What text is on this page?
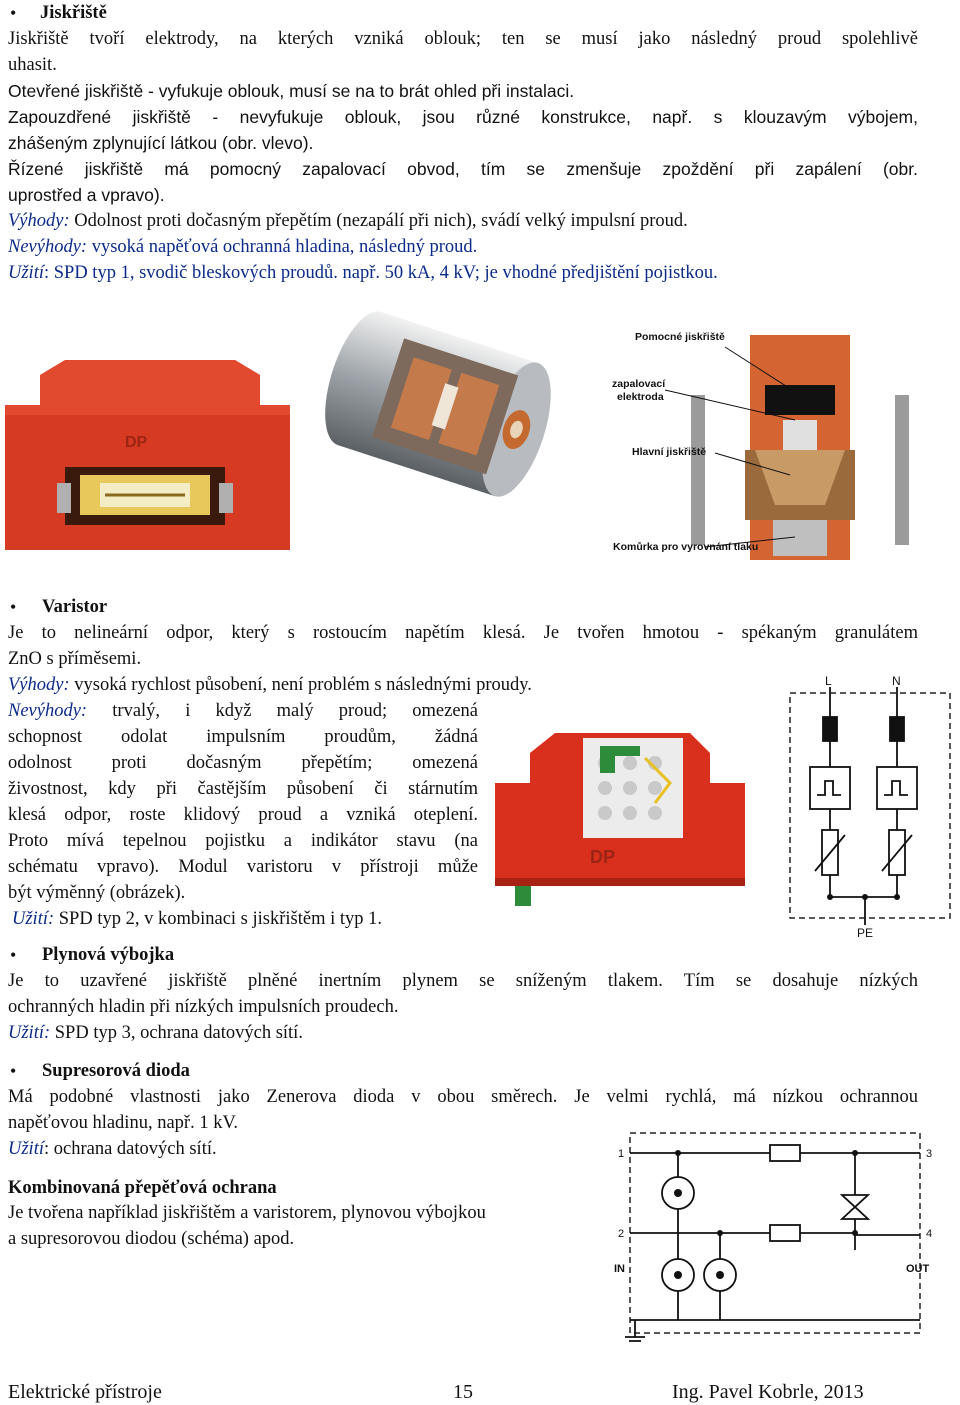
• Jiskřiště
Jiskřiště tvoří elektrody, na kterých vzniká oblouk; ten se musí jako následný proud spolehlivě
uhasit.
Otevřené jiskřiště - vyfukuje oblouk, musí se na to brát ohled při instalaci.
Zapouzdřené jiskřiště - nevyfukuje oblouk, jsou různé konstrukce, např. s klouzavým výbojem,
zhášeným zplynující látkou (obr. vlevo).
Řízené jiskřiště má pomocný zapalovací obvod, tím se zmenšuje zpoždění při zapálení (obr.
uprostřed a vpravo).
Výhody: Odolnost proti dočasným přepětím (nezapálí při nich), svádí velký impulsní proud.
Nevýhody: vysoká napěťová ochranná hladina, následný proud.
Užití: SPD typ 1, svodič bleskových proudů. např. 50 kA, 4 kV; je vhodné předjištění pojistkou.
DP
Pomocné jiskřiště
zapalovací
elektroda
Hlavní jiskřiště
Komůrka pro vyrovnání tlaku
• Varistor
Je to nelineární odpor, který s rostoucím napětím klesá. Je tvořen hmotou - spékaným granulátem
ZnO s příměsemi.
Výhody: vysoká rychlost působení, není problém s následnými proudy.
Nevýhody: trvalý, i když malý proud; omezená
schopnost odolat impulsním proudům, žádná
odolnost proti dočasným přepětím; omezená
živostnost, kdy při častějším působení či stárnutím
klesá odpor, roste klidový proud a vzniká oteplení.
Proto mívá tepelnou pojistku a indikátor stavu (na
schématu vpravo). Modul varistoru v přístroji může
být výměnný (obrázek).
Užití: SPD typ 2, v kombinaci s jiskřištěm i typ 1.
DP
L	N
PE
• Plynová výbojka
Je to uzavřené jiskřiště plněné inertním plynem se sníženým tlakem. Tím se dosahuje nízkých
ochranných hladin při nízkých impulsních proudech.
Užití: SPD typ 3, ochrana datových sítí.
• Supresorová dioda
Má podobné vlastnosti jako Zenerova dioda v obou směrech. Je velmi rychlá, má nízkou ochrannou
napěťovou hladinu, např. 1 kV.
Užití: ochrana datových sítí.
Kombinovaná přepěťová ochrana
Je tvořena například jiskřištěm a varistorem, plynovou výbojkou
a supresorovou diodou (schéma) apod.
1
2
3
4
IN	OUT
Elektrické přístroje	15	Ing. Pavel Kobrle, 2013
